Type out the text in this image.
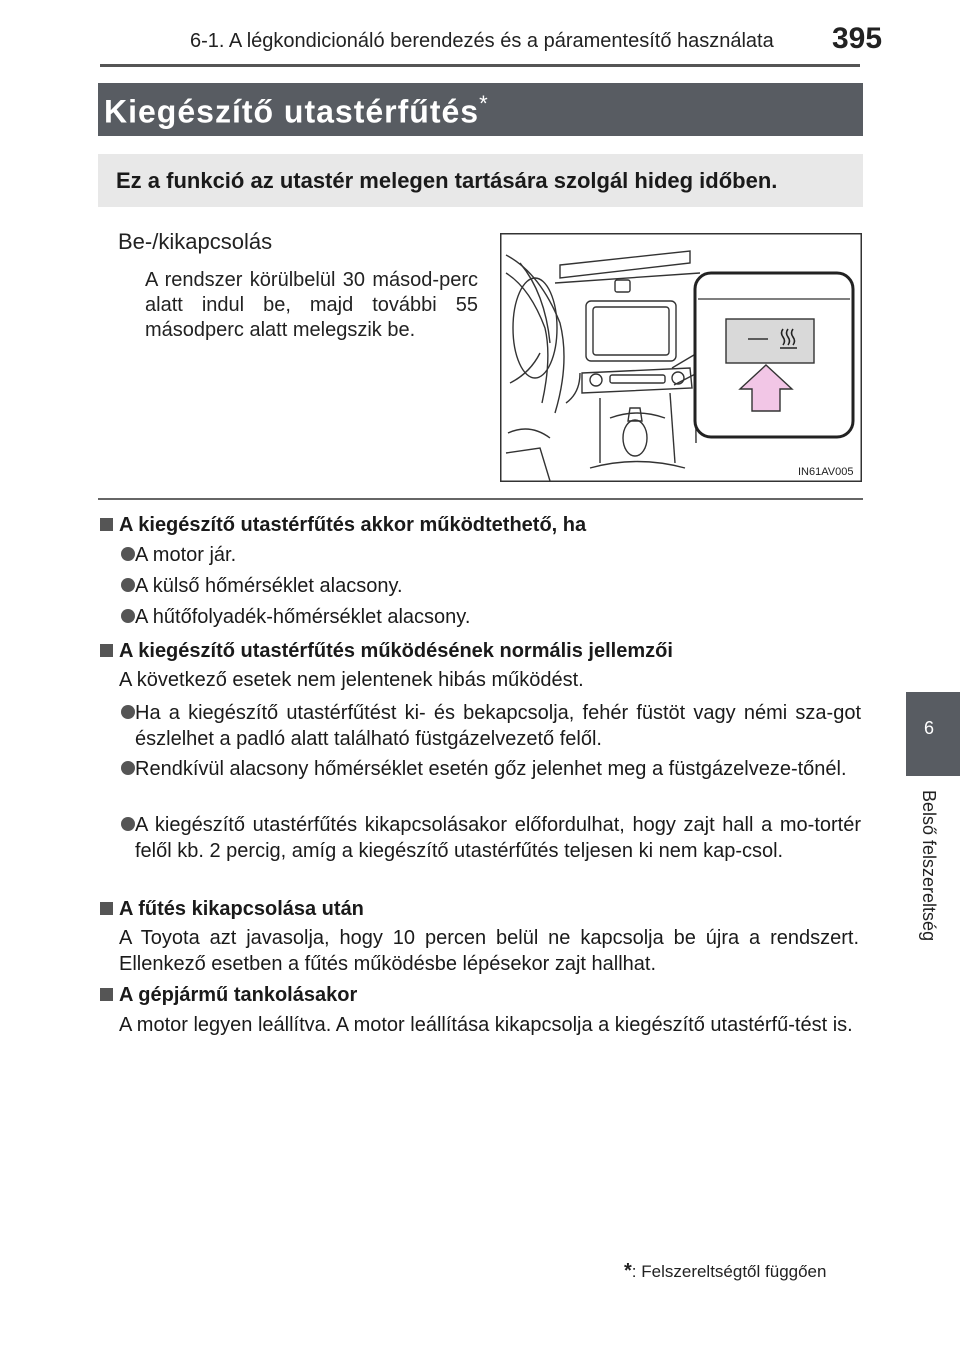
6-1. A légkondicionáló berendezés és a páramentesítő használata 395
Kiegészítő utastérfűtés*
Ez a funkció az utastér melegen tartására szolgál hideg időben.
Be-/kikapcsolás
A rendszer körülbelül 30 másod-perc alatt indul be, majd további 55 másodperc alatt melegszik be.
IN61AV005
A kiegészítő utastérfűtés akkor működtethető, ha
A motor jár.
A külső hőmérséklet alacsony.
A hűtőfolyadék-hőmérséklet alacsony.
A kiegészítő utastérfűtés működésének normális jellemzői
A következő esetek nem jelentenek hibás működést.
Ha a kiegészítő utastérfűtést ki- és bekapcsolja, fehér füstöt vagy némi sza-got észlelhet a padló alatt található füstgázelvezető felől.
Rendkívül alacsony hőmérséklet esetén gőz jelenhet meg a füstgázelveze-tőnél.
A kiegészítő utastérfűtés kikapcsolásakor előfordulhat, hogy zajt hall a mo-tortér felől kb. 2 percig, amíg a kiegészítő utastérfűtés teljesen ki nem kap-csol.
A fűtés kikapcsolása után
A Toyota azt javasolja, hogy 10 percen belül ne kapcsolja be újra a rendszert. Ellenkező esetben a fűtés működésbe lépésekor zajt hallhat.
A gépjármű tankolásakor
A motor legyen leállítva. A motor leállítása kikapcsolja a kiegészítő utastérfű-tést is.
6
Belső felszereltség
*: Felszereltségtől függően
